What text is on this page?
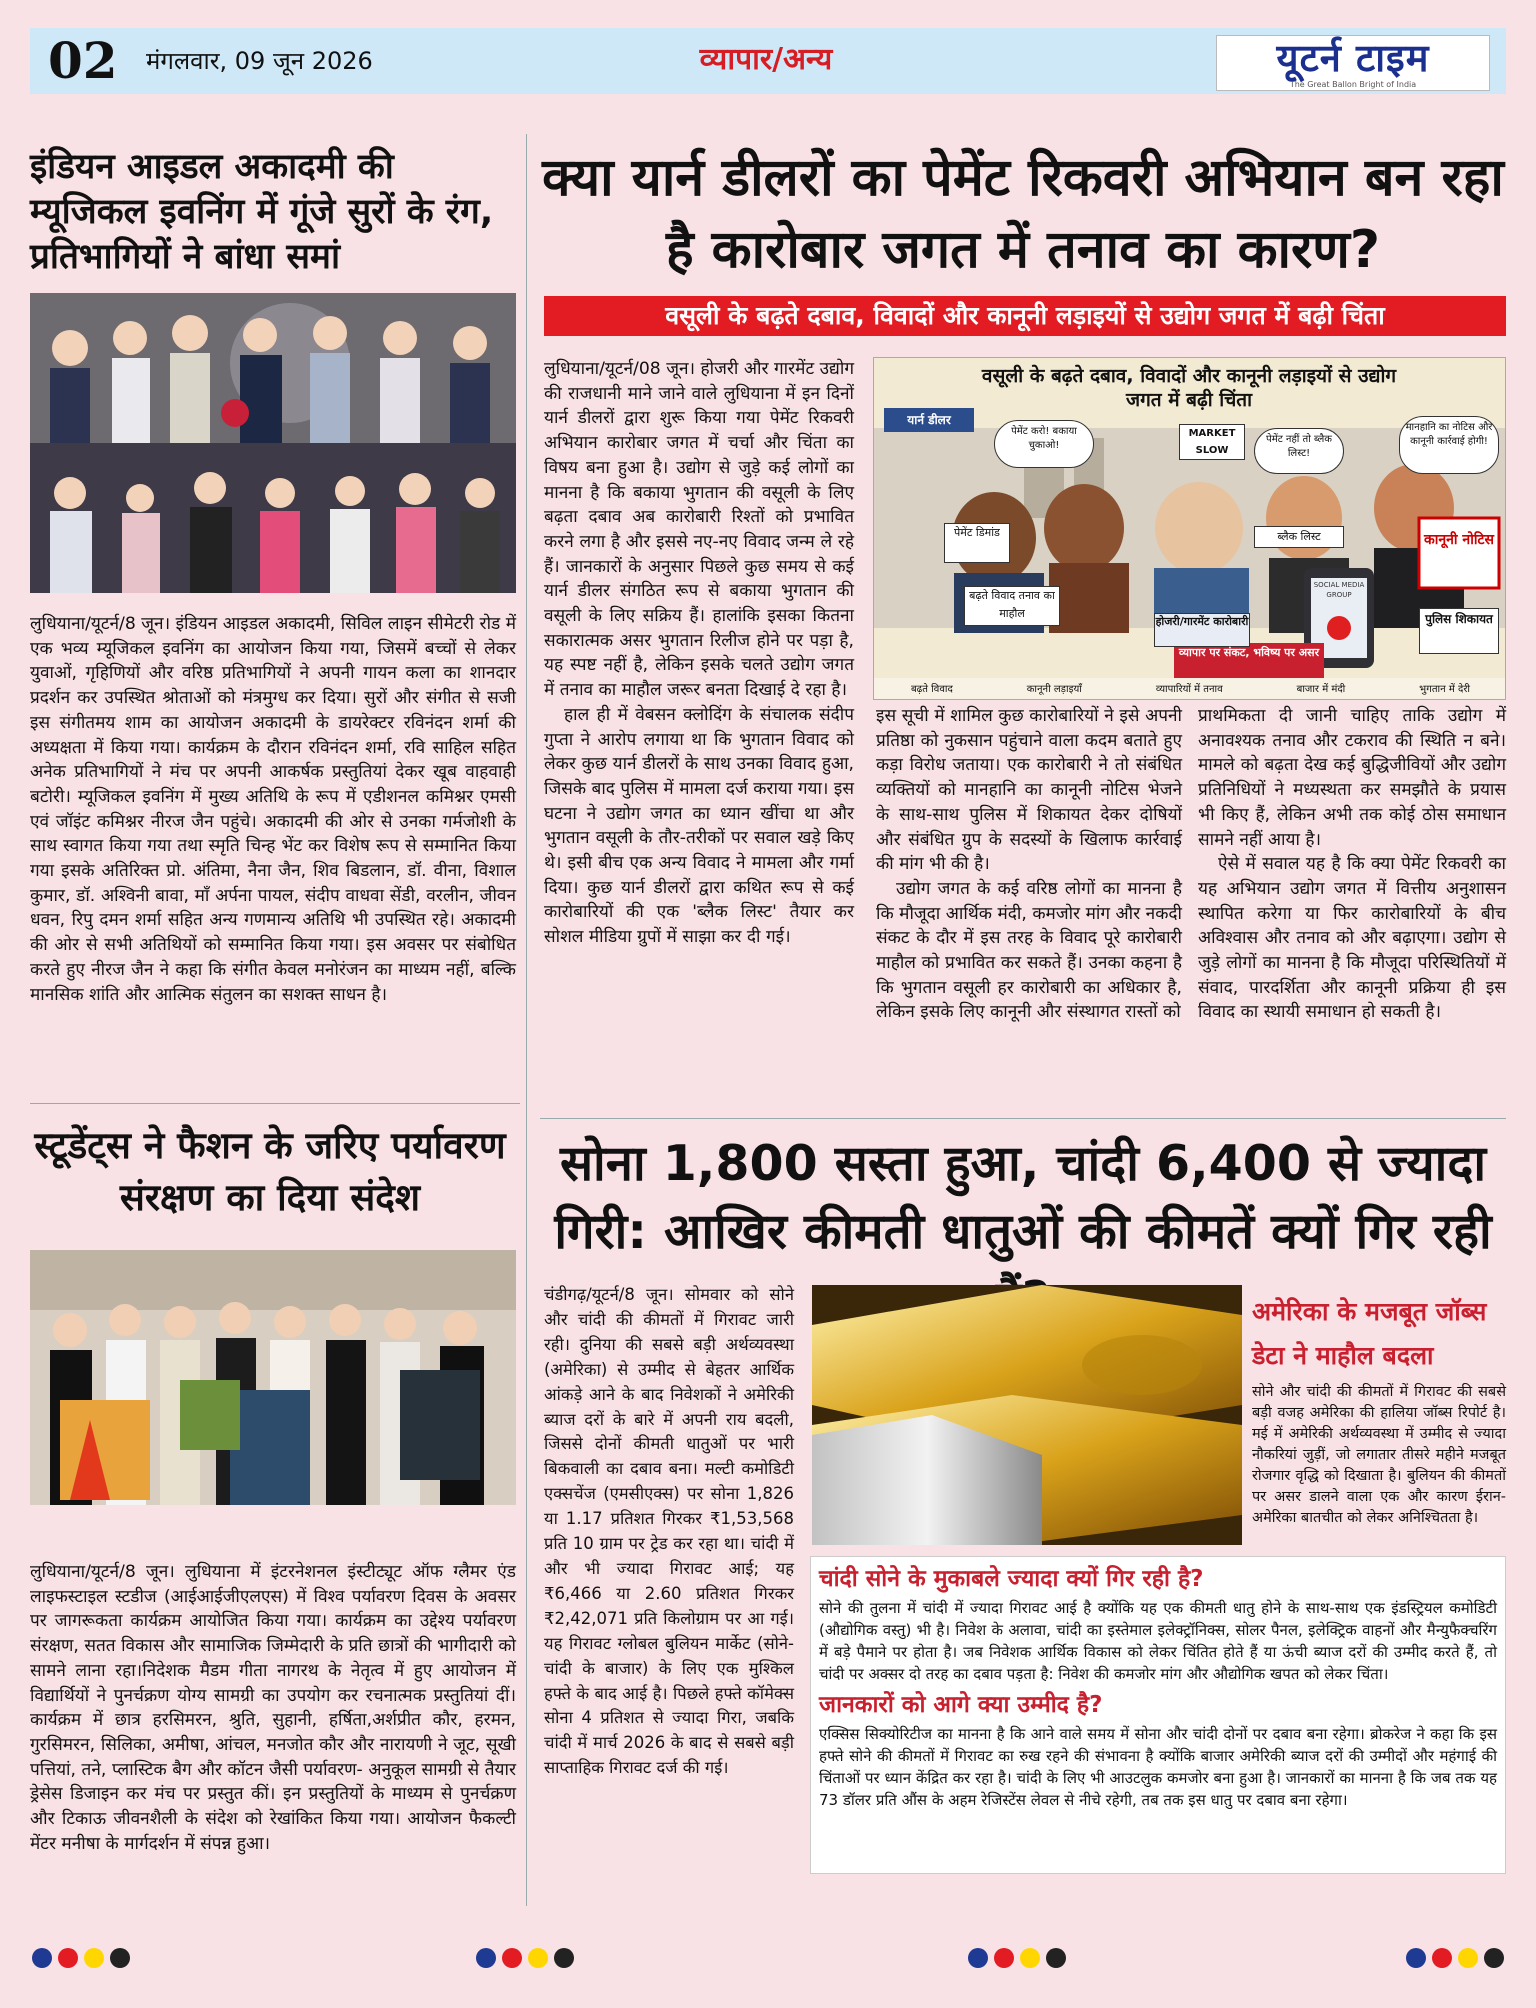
02 मंगलवार, 09 जून 2026	व्यापार/अन्य	यूटर्न टाइम
The Great Ballon Bright of India
इंडियन आइडल अकादमी की म्यूजिकल इवनिंग में गूंजे सुरों के रंग, प्रतिभागियों ने बांधा समां

लुधियाना/यूटर्न/8 जून। इंडियन आइडल अकादमी, सिविल लाइन सीमेटरी रोड में एक भव्य म्यूजिकल इवनिंग का आयोजन किया गया, जिसमें बच्चों से लेकर युवाओं, गृहिणियों और वरिष्ठ प्रतिभागियों ने अपनी गायन कला का शानदार प्रदर्शन कर उपस्थित श्रोताओं को मंत्रमुग्ध कर दिया। सुरों और संगीत से सजी इस संगीतमय शाम का आयोजन अकादमी के डायरेक्टर रविनंदन शर्मा की अध्यक्षता में किया गया। कार्यक्रम के दौरान रविनंदन शर्मा, रवि साहिल सहित अनेक प्रतिभागियों ने मंच पर अपनी आकर्षक प्रस्तुतियां देकर खूब वाहवाही बटोरी। म्यूजिकल इवनिंग में मुख्य अतिथि के रूप में एडीशनल कमिश्नर एमसी एवं जॉइंट कमिश्नर नीरज जैन पहुंचे। अकादमी की ओर से उनका गर्मजोशी के साथ स्वागत किया गया तथा स्मृति चिन्ह भेंट कर विशेष रूप से सम्मानित किया गया इसके अतिरिक्त प्रो. अंतिमा, नैना जैन, शिव बिडलान, डॉ. वीना, विशाल कुमार, डॉ. अश्विनी बावा, माँ अर्पना पायल, संदीप वाधवा सेंडी, वरलीन, जीवन धवन, रिपु दमन शर्मा सहित अन्य गणमान्य अतिथि भी उपस्थित रहे। अकादमी की ओर से सभी अतिथियों को सम्मानित किया गया। इस अवसर पर संबोधित करते हुए नीरज जैन ने कहा कि संगीत केवल मनोरंजन का माध्यम नहीं, बल्कि मानसिक शांति और आत्मिक संतुलन का सशक्त साधन है।

क्या यार्न डीलरों का पेमेंट रिकवरी अभियान बन रहा है कारोबार जगत में तनाव का कारण?
वसूली के बढ़ते दबाव, विवादों और कानूनी लड़ाइयों से उद्योग जगत में बढ़ी चिंता

लुधियाना/यूटर्न/08 जून। होजरी और गारमेंट उद्योग की राजधानी माने जाने वाले लुधियाना में इन दिनों यार्न डीलरों द्वारा शुरू किया गया पेमेंट रिकवरी अभियान कारोबार जगत में चर्चा और चिंता का विषय बना हुआ है। उद्योग से जुड़े कई लोगों का मानना है कि बकाया भुगतान की वसूली के लिए बढ़ता दबाव अब कारोबारी रिश्तों को प्रभावित करने लगा है और इससे नए-नए विवाद जन्म ले रहे हैं। जानकारों के अनुसार पिछले कुछ समय से कई यार्न डीलर संगठित रूप से बकाया भुगतान की वसूली के लिए सक्रिय हैं। हालांकि इसका कितना सकारात्मक असर भुगतान रिलीज होने पर पड़ा है, यह स्पष्ट नहीं है, लेकिन इसके चलते उद्योग जगत में तनाव का माहौल जरूर बनता दिखाई दे रहा है।

हाल ही में वेबसन क्लोदिंग के संचालक संदीप गुप्ता ने आरोप लगाया था कि भुगतान विवाद को लेकर कुछ यार्न डीलरों के साथ उनका विवाद हुआ, जिसके बाद पुलिस में मामला दर्ज कराया गया। इस घटना ने उद्योग जगत का ध्यान खींचा था और भुगतान वसूली के तौर-तरीकों पर सवाल खड़े किए थे। इसी बीच एक अन्य विवाद ने मामला और गर्मा दिया। कुछ यार्न डीलरों द्वारा कथित रूप से कई कारोबारियों की एक 'ब्लैक लिस्ट' तैयार कर सोशल मीडिया ग्रुपों में साझा कर दी गई।

वसूली के बढ़ते दबाव, विवादों और कानूनी लड़ाइयों से उद्योग जगत में बढ़ी चिंता
यार्न डीलर
पेमेंट करो! बकाया चुकाओ!
पेमेंट नहीं तो ब्लैक लिस्ट!
मानहानि का नोटिस और कानूनी कार्रवाई होगी!
MARKET SLOW
पेमेंट डिमांड
बढ़ते विवाद तनाव का माहौल
होजरी/गारमेंट कारोबारी
व्यापार पर संकट, भविष्य पर असर
ब्लैक लिस्ट
SOCIAL MEDIA GROUP
कानूनी नोटिस
पुलिस शिकायत
बढ़ते विवाद	कानूनी लड़ाइयाँ	व्यापारियों में तनाव	बाजार में मंदी	भुगतान में देरी

इस सूची में शामिल कुछ कारोबारियों ने इसे अपनी प्रतिष्ठा को नुकसान पहुंचाने वाला कदम बताते हुए कड़ा विरोध जताया। एक कारोबारी ने तो संबंधित व्यक्तियों को मानहानि का कानूनी नोटिस भेजने के साथ-साथ पुलिस में शिकायत देकर दोषियों और संबंधित ग्रुप के सदस्यों के खिलाफ कार्रवाई की मांग भी की है।

उद्योग जगत के कई वरिष्ठ लोगों का मानना है कि मौजूदा आर्थिक मंदी, कमजोर मांग और नकदी संकट के दौर में इस तरह के विवाद पूरे कारोबारी माहौल को प्रभावित कर सकते हैं। उनका कहना है कि भुगतान वसूली हर कारोबारी का अधिकार है, लेकिन इसके लिए कानूनी और संस्थागत रास्तों को

प्राथमिकता दी जानी चाहिए ताकि उद्योग में अनावश्यक तनाव और टकराव की स्थिति न बने। मामले को बढ़ता देख कई बुद्धिजीवियों और उद्योग प्रतिनिधियों ने मध्यस्थता कर समझौते के प्रयास भी किए हैं, लेकिन अभी तक कोई ठोस समाधान सामने नहीं आया है।

ऐसे में सवाल यह है कि क्या पेमेंट रिकवरी का यह अभियान उद्योग जगत में वित्तीय अनुशासन स्थापित करेगा या फिर कारोबारियों के बीच अविश्वास और तनाव को और बढ़ाएगा। उद्योग से जुड़े लोगों का मानना है कि मौजूदा परिस्थितियों में संवाद, पारदर्शिता और कानूनी प्रक्रिया ही इस विवाद का स्थायी समाधान हो सकती है।

स्टूडेंट्स ने फैशन के जरिए पर्यावरण संरक्षण का दिया संदेश

लुधियाना/यूटर्न/8 जून। लुधियाना में इंटरनेशनल इंस्टीट्यूट ऑफ ग्लैमर एंड लाइफस्टाइल स्टडीज (आईआईजीएलएस) में विश्व पर्यावरण दिवस के अवसर पर जागरूकता कार्यक्रम आयोजित किया गया। कार्यक्रम का उद्देश्य पर्यावरण संरक्षण, सतत विकास और सामाजिक जिम्मेदारी के प्रति छात्रों की भागीदारी को सामने लाना रहा।निदेशक मैडम गीता नागरथ के नेतृत्व में हुए आयोजन में विद्यार्थियों ने पुनर्चक्रण योग्य सामग्री का उपयोग कर रचनात्मक प्रस्तुतियां दीं। कार्यक्रम में छात्र हरसिमरन, श्रुति, सुहानी, हर्षिता,अर्शप्रीत कौर, हरमन, गुरसिमरन, सिलिका, अमीषा, आंचल, मनजोत कौर और नारायणी ने जूट, सूखी पत्तियां, तने, प्लास्टिक बैग और कॉटन जैसी पर्यावरण- अनुकूल सामग्री से तैयार ड्रेसेस डिजाइन कर मंच पर प्रस्तुत कीं। इन प्रस्तुतियों के माध्यम से पुनर्चक्रण और टिकाऊ जीवनशैली के संदेश को रेखांकित किया गया। आयोजन फैकल्टी मेंटर मनीषा के मार्गदर्शन में संपन्न हुआ।

सोना 1,800 सस्ता हुआ, चांदी 6,400 से ज्यादा गिरी: आखिर कीमती धातुओं की कीमतें क्यों गिर रही

चंडीगढ़/यूटर्न/8 जून। सोमवार को सोने और चांदी की कीमतों में गिरावट जारी रही। दुनिया की सबसे बड़ी अर्थव्यवस्था (अमेरिका) से उम्मीद से बेहतर आर्थिक आंकड़े आने के बाद निवेशकों ने अमेरिकी ब्याज दरों के बारे में अपनी राय बदली, जिससे दोनों कीमती धातुओं पर भारी बिकवाली का दबाव बना। मल्टी कमोडिटी एक्सचेंज (एमसीएक्स) पर सोना 1,826 या 1.17 प्रतिशत गिरकर ₹1,53,568 प्रति 10 ग्राम पर ट्रेड कर रहा था। चांदी में और भी ज्यादा गिरावट आई; यह ₹6,466 या 2.60 प्रतिशत गिरकर ₹2,42,071 प्रति किलोग्राम पर आ गई। यह गिरावट ग्लोबल बुलियन मार्केट (सोने-चांदी के बाजार) के लिए एक मुश्किल हफ्ते के बाद आई है। पिछले हफ्ते कॉमेक्स सोना 4 प्रतिशत से ज्यादा गिरा, जबकि चांदी में मार्च 2026 के बाद से सबसे बड़ी साप्ताहिक गिरावट दर्ज की गई।

अमेरिका के मजबूत जॉब्स डेटा ने माहौल बदला
सोने और चांदी की कीमतों में गिरावट की सबसे बड़ी वजह अमेरिका की हालिया जॉब्स रिपोर्ट है। मई में अमेरिकी अर्थव्यवस्था में उम्मीद से ज्यादा नौकरियां जुड़ीं, जो लगातार तीसरे महीने मजबूत रोजगार वृद्धि को दिखाता है। बुलियन की कीमतों पर असर डालने वाला एक और कारण ईरान-अमेरिका बातचीत को लेकर अनिश्चितता है।
चांदी सोने के मुकाबले ज्यादा क्यों गिर रही है?
सोने की तुलना में चांदी में ज्यादा गिरावट आई है क्योंकि यह एक कीमती धातु होने के साथ-साथ एक इंडस्ट्रियल कमोडिटी (औद्योगिक वस्तु) भी है। निवेश के अलावा, चांदी का इस्तेमाल इलेक्ट्रॉनिक्स, सोलर पैनल, इलेक्ट्रिक वाहनों और मैन्युफैक्चरिंग में बड़े पैमाने पर होता है। जब निवेशक आर्थिक विकास को लेकर चिंतित होते हैं या ऊंची ब्याज दरों की उम्मीद करते हैं, तो चांदी पर अक्सर दो तरह का दबाव पड़ता है: निवेश की कमजोर मांग और औद्योगिक खपत को लेकर चिंता।
जानकारों को आगे क्या उम्मीद है?
एक्सिस सिक्योरिटीज का मानना है कि आने वाले समय में सोना और चांदी दोनों पर दबाव बना रहेगा। ब्रोकरेज ने कहा कि इस हफ्ते सोने की कीमतों में गिरावट का रुख रहने की संभावना है क्योंकि बाजार अमेरिकी ब्याज दरों की उम्मीदों और महंगाई की चिंताओं पर ध्यान केंद्रित कर रहा है। चांदी के लिए भी आउटलुक कमजोर बना हुआ है। जानकारों का मानना है कि जब तक यह 73 डॉलर प्रति औंस के अहम रेजिस्टेंस लेवल से नीचे रहेगी, तब तक इस धातु पर दबाव बना रहेगा।
